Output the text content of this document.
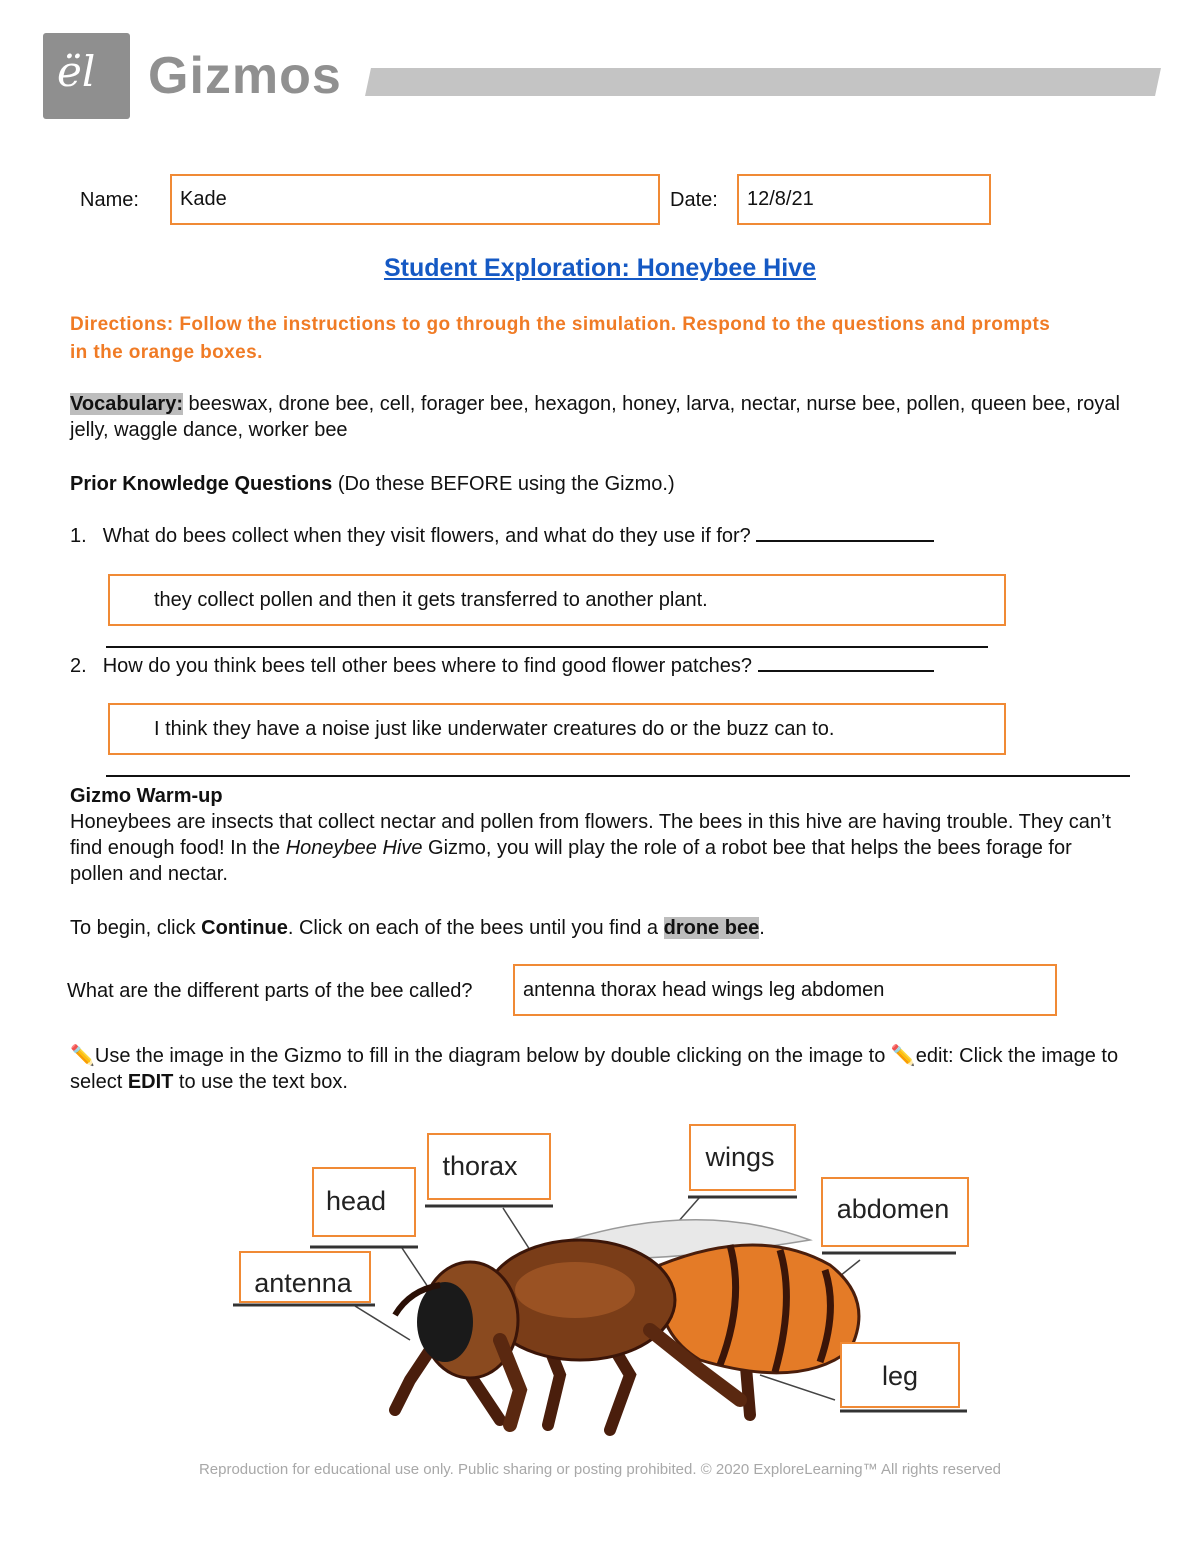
ël Gizmos
Name: Kade	Date: 12/8/21
Student Exploration: Honeybee Hive
Directions: Follow the instructions to go through the simulation. Respond to the questions and prompts in the orange boxes.
Vocabulary: beeswax, drone bee, cell, forager bee, hexagon, honey, larva, nectar, nurse bee, pollen, queen bee, royal jelly, waggle dance, worker bee
Prior Knowledge Questions (Do these BEFORE using the Gizmo.)
1. What do bees collect when they visit flowers, and what do they use if for?
they collect pollen and then it gets transferred to another plant.
2. How do you think bees tell other bees where to find good flower patches?
I think they have a noise just like underwater creatures do or the buzz can to.
Gizmo Warm-up
Honeybees are insects that collect nectar and pollen from flowers. The bees in this hive are having trouble. They can’t find enough food! In the Honeybee Hive Gizmo, you will play the role of a robot bee that helps the bees forage for pollen and nectar.
To begin, click Continue. Click on each of the bees until you find a drone bee.
What are the different parts of the bee called?	antenna thorax head wings leg abdomen
✏️Use the image in the Gizmo to fill in the diagram below by double clicking on the image to ✏️edit: Click the image to select EDIT to use the text box.
head
thorax	wings
abdomen
antenna
leg
Reproduction for educational use only. Public sharing or posting prohibited. © 2020 ExploreLearning™ All rights reserved
